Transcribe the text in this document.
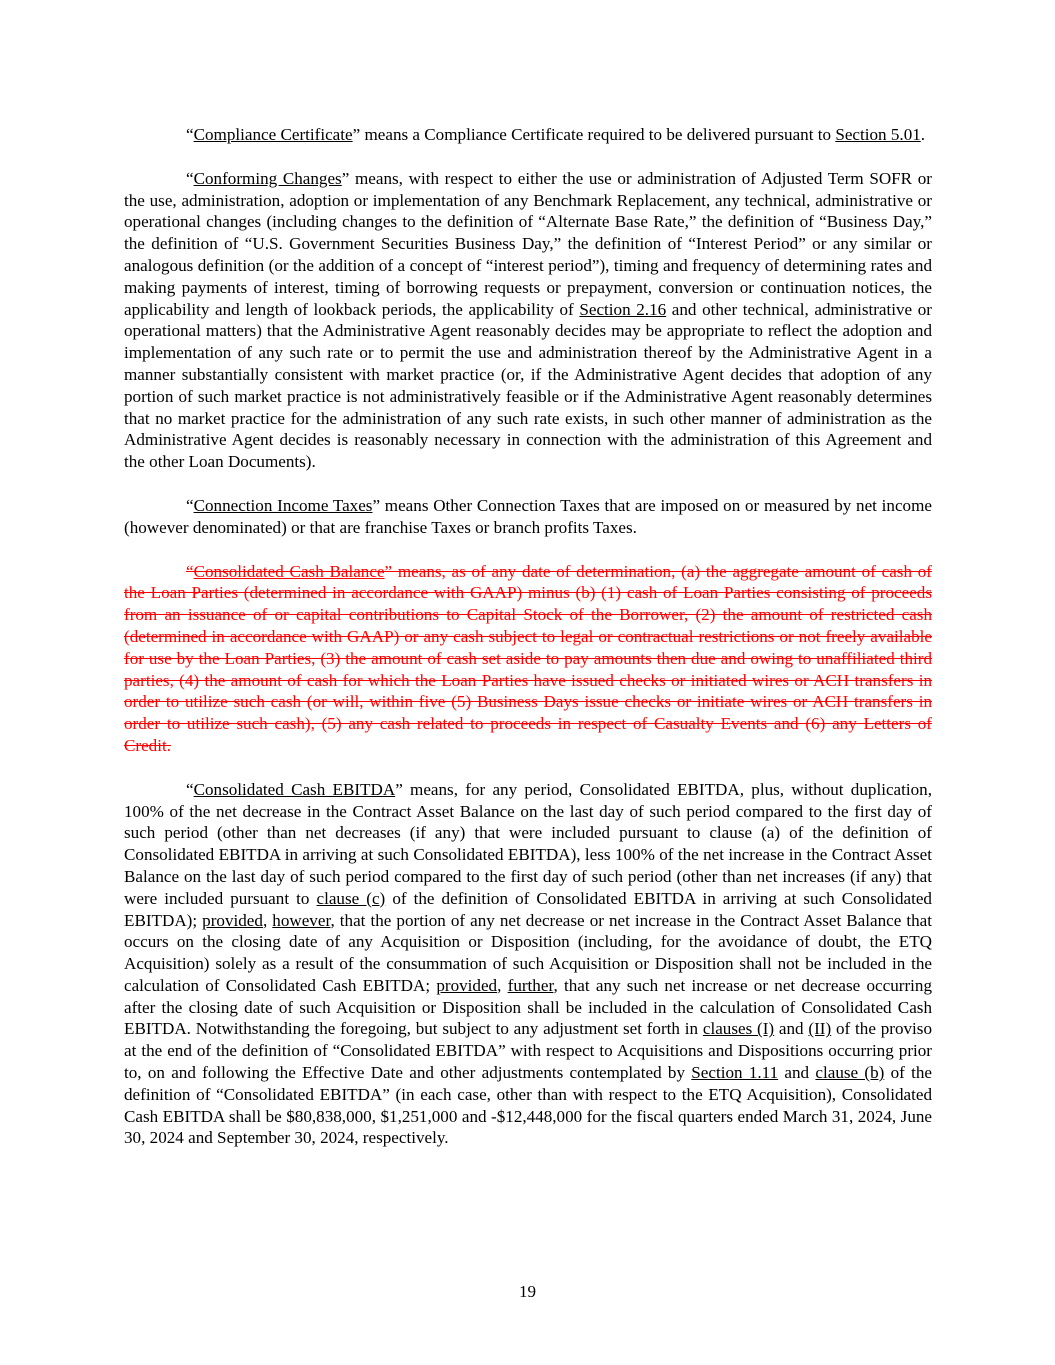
“Compliance Certificate” means a Compliance Certificate required to be delivered pursuant to Section 5.01.

“Conforming Changes” means, with respect to either the use or administration of Adjusted Term SOFR or the use, administration, adoption or implementation of any Benchmark Replacement, any technical, administrative or operational changes (including changes to the definition of “Alternate Base Rate,” the definition of “Business Day,” the definition of “U.S. Government Securities Business Day,” the definition of “Interest Period” or any similar or analogous definition (or the addition of a concept of “interest period”), timing and frequency of determining rates and making payments of interest, timing of borrowing requests or prepayment, conversion or continuation notices, the applicability and length of lookback periods, the applicability of Section 2.16 and other technical, administrative or operational matters) that the Administrative Agent reasonably decides may be appropriate to reflect the adoption and implementation of any such rate or to permit the use and administration thereof by the Administrative Agent in a manner substantially consistent with market practice (or, if the Administrative Agent decides that adoption of any portion of such market practice is not administratively feasible or if the Administrative Agent reasonably determines that no market practice for the administration of any such rate exists, in such other manner of administration as the Administrative Agent decides is reasonably necessary in connection with the administration of this Agreement and the other Loan Documents).

“Connection Income Taxes” means Other Connection Taxes that are imposed on or measured by net income (however denominated) or that are franchise Taxes or branch profits Taxes.

“Consolidated Cash Balance” means, as of any date of determination, (a) the aggregate amount of cash of the Loan Parties (determined in accordance with GAAP) minus (b) (1) cash of Loan Parties consisting of proceeds from an issuance of or capital contributions to Capital Stock of the Borrower, (2) the amount of restricted cash (determined in accordance with GAAP) or any cash subject to legal or contractual restrictions or not freely available for use by the Loan Parties, (3) the amount of cash set aside to pay amounts then due and owing to unaffiliated third parties, (4) the amount of cash for which the Loan Parties have issued checks or initiated wires or ACH transfers in order to utilize such cash (or will, within five (5) Business Days issue checks or initiate wires or ACH transfers in order to utilize such cash), (5) any cash related to proceeds in respect of Casualty Events and (6) any Letters of Credit.

“Consolidated Cash EBITDA” means, for any period, Consolidated EBITDA, plus, without duplication, 100% of the net decrease in the Contract Asset Balance on the last day of such period compared to the first day of such period (other than net decreases (if any) that were included pursuant to clause (a) of the definition of Consolidated EBITDA in arriving at such Consolidated EBITDA), less 100% of the net increase in the Contract Asset Balance on the last day of such period compared to the first day of such period (other than net increases (if any) that were included pursuant to clause (c) of the definition of Consolidated EBITDA in arriving at such Consolidated EBITDA); provided, however, that the portion of any net decrease or net increase in the Contract Asset Balance that occurs on the closing date of any Acquisition or Disposition (including, for the avoidance of doubt, the ETQ Acquisition) solely as a result of the consummation of such Acquisition or Disposition shall not be included in the calculation of Consolidated Cash EBITDA; provided, further, that any such net increase or net decrease occurring after the closing date of such Acquisition or Disposition shall be included in the calculation of Consolidated Cash EBITDA. Notwithstanding the foregoing, but subject to any adjustment set forth in clauses (I) and (II) of the proviso at the end of the definition of “Consolidated EBITDA” with respect to Acquisitions and Dispositions occurring prior to, on and following the Effective Date and other adjustments contemplated by Section 1.11 and clause (b) of the definition of “Consolidated EBITDA” (in each case, other than with respect to the ETQ Acquisition), Consolidated Cash EBITDA shall be $80,838,000, $1,251,000 and -$12,448,000 for the fiscal quarters ended March 31, 2024, June 30, 2024 and September 30, 2024, respectively.

19
